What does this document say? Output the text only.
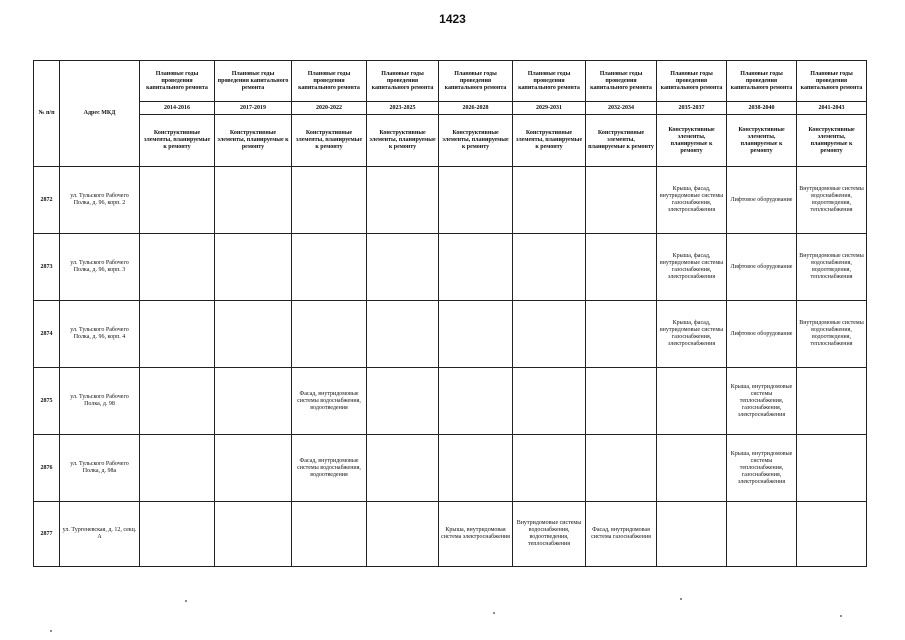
1423
№ п/п	Адрес МКД	Плановые годы проведения капитального ремонта	Плановые годы проведения капитального ремонта	Плановые годы проведения капитального ремонта	Плановые годы проведения капитального ремонта	Плановые годы проведения капитального ремонта	Плановые годы проведения капитального ремонта	Плановые годы проведения капитального ремонта	Плановые годы проведения капитального ремонта	Плановые годы проведения капитального ремонта	Плановые годы проведения капитального ремонта
		2014-2016	2017-2019	2020-2022	2023-2025	2026-2028	2029-2031	2032-2034	2035-2037	2038-2040	2041-2043
		Конструктивные элементы, планируемые к ремонту	Конструктивные элементы, планируемые к ремонту	Конструктивные элементы, планируемые к ремонту	Конструктивные элементы, планируемые к ремонту	Конструктивные элементы, планируемые к ремонту	Конструктивные элементы, планируемые к ремонту	Конструктивные элементы, планируемые к ремонту	Конструктивные элементы, планируемые к ремонту	Конструктивные элементы, планируемые к ремонту	Конструктивные элементы, планируемые к ремонту
2872	ул. Тульского Рабочего Полка, д. 96, корп. 2								Крыша, фасад, внутридомовые системы газоснабжения, электроснабжения	Лифтовое оборудование	Внутридомовые системы водоснабжения, водоотведения, теплоснабжения
2873	ул. Тульского Рабочего Полка, д. 96, корп. 3								Крыша, фасад, внутридомовые системы газоснабжения, электроснабжения	Лифтовое оборудование	Внутридомовые системы водоснабжения, водоотведения, теплоснабжения
2874	ул. Тульского Рабочего Полка, д. 96, корп. 4								Крыша, фасад, внутридомовые системы газоснабжения, электроснабжения	Лифтовое оборудование	Внутридомовые системы водоснабжения, водоотведения, теплоснабжения
2875	ул. Тульского Рабочего Полка, д. 98			Фасад, внутридомовые системы водоснабжения, водоотведения						Крыша, внутридомовые системы теплоснабжения, газоснабжения, электроснабжения	
2876	ул. Тульского Рабочего Полка, д. 98а			Фасад, внутридомовые системы водоснабжения, водоотведения						Крыша, внутридомовые системы теплоснабжения, газоснабжения, электроснабжения	
2877	ул. Тургеневская, д. 12, секц. А					Крыша, внутридомовая система электроснабжения	Внутридомовые системы водоснабжения, водоотведения, теплоснабжения	Фасад, внутридомовая система газоснабжения			
